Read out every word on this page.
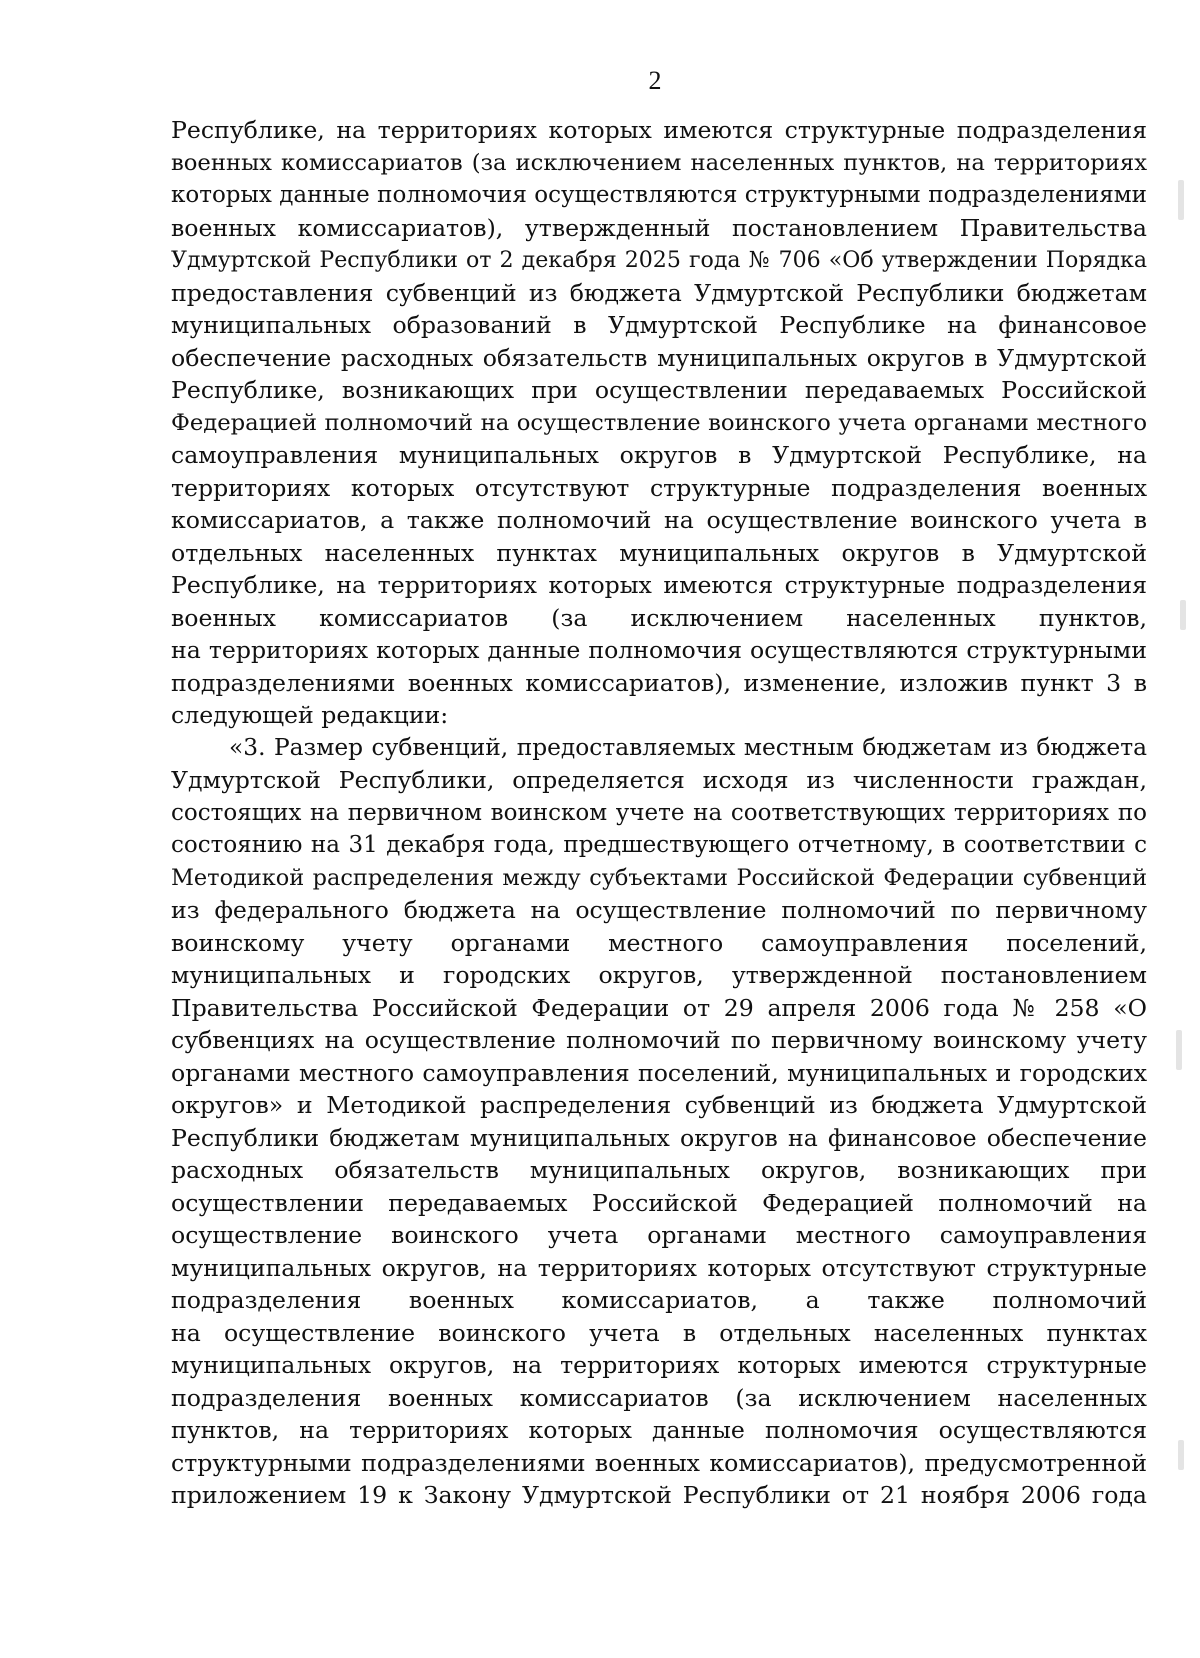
2
Республике, на территориях которых имеются структурные подразделения
военных комиссариатов (за исключением населенных пунктов, на территориях
которых данные полномочия осуществляются структурными подразделениями
военных комиссариатов), утвержденный постановлением Правительства
Удмуртской Республики от 2 декабря 2025 года № 706 «Об утверждении Порядка
предоставления субвенций из бюджета Удмуртской Республики бюджетам
муниципальных образований в Удмуртской Республике на финансовое
обеспечение расходных обязательств муниципальных округов в Удмуртской
Республике, возникающих при осуществлении передаваемых Российской
Федерацией полномочий на осуществление воинского учета органами местного
самоуправления муниципальных округов в Удмуртской Республике, на
территориях которых отсутствуют структурные подразделения военных
комиссариатов, а также полномочий на осуществление воинского учета в
отдельных населенных пунктах муниципальных округов в Удмуртской
Республике, на территориях которых имеются структурные подразделения
военных комиссариатов (за исключением населенных пунктов,
на территориях которых данные полномочия осуществляются структурными
подразделениями военных комиссариатов), изменение, изложив пункт 3 в
следующей редакции:
«3. Размер субвенций, предоставляемых местным бюджетам из бюджета
Удмуртской Республики, определяется исходя из численности граждан,
состоящих на первичном воинском учете на соответствующих территориях по
состоянию на 31 декабря года, предшествующего отчетному, в соответствии с
Методикой распределения между субъектами Российской Федерации субвенций
из федерального бюджета на осуществление полномочий по первичному
воинскому учету органами местного самоуправления поселений,
муниципальных и городских округов, утвержденной постановлением
Правительства Российской Федерации от 29 апреля 2006 года № 258 «О
субвенциях на осуществление полномочий по первичному воинскому учету
органами местного самоуправления поселений, муниципальных и городских
округов» и Методикой распределения субвенций из бюджета Удмуртской
Республики бюджетам муниципальных округов на финансовое обеспечение
расходных обязательств муниципальных округов, возникающих при
осуществлении передаваемых Российской Федерацией полномочий на
осуществление воинского учета органами местного самоуправления
муниципальных округов, на территориях которых отсутствуют структурные
подразделения военных комиссариатов, а также полномочий
на осуществление воинского учета в отдельных населенных пунктах
муниципальных округов, на территориях которых имеются структурные
подразделения военных комиссариатов (за исключением населенных
пунктов, на территориях которых данные полномочия осуществляются
структурными подразделениями военных комиссариатов), предусмотренной
приложением 19 к Закону Удмуртской Республики от 21 ноября 2006 года
